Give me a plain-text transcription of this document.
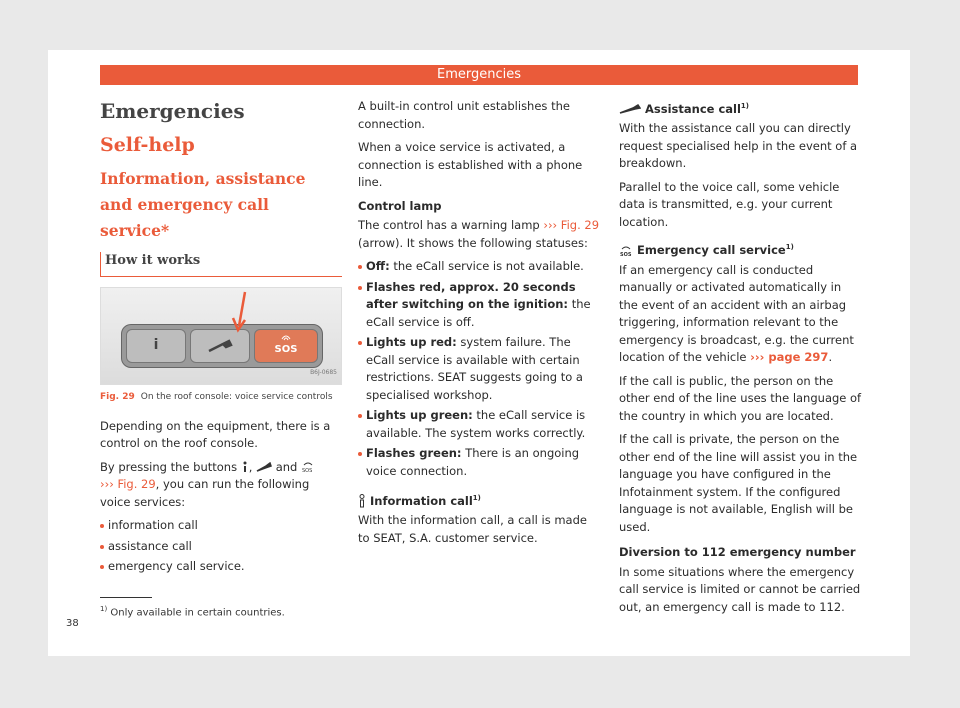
Emergencies
Emergencies
Self-help
Information, assistance and emergency call service*
How it works
i	SOS
B6J-0685
Fig. 29 On the roof console: voice service controls

Depending on the equipment, there is a control on the roof console.

By pressing the buttons ,  and SOS

››› Fig. 29, you can run the following voice services:

information call
assistance call
emergency call service.

A built-in control unit establishes the connection.

When a voice service is activated, a connection is established with a phone line.

Control lamp

The control has a warning lamp ››› Fig. 29 (arrow). It shows the following statuses:

Off: the eCall service is not available.
Flashes red, approx. 20 seconds after switching on the ignition: the eCall service is off.
Lights up red: system failure. The eCall service is available with certain restrictions. SEAT suggests going to a specialised workshop.
Lights up green: the eCall service is available. The system works correctly.
Flashes green: There is an ongoing voice connection.
Information call$^{1)}$

With the information call, a call is made to SEAT, S.A. customer service.

Assistance call$^{1)}$

With the assistance call you can directly request specialised help in the event of a breakdown.

Parallel to the voice call, some vehicle data is transmitted, e.g. your current location.

SOS Emergency call service$^{1)}$

If an emergency call is conducted manually or activated automatically in the event of an accident with an airbag triggering, information relevant to the emergency is broadcast, e.g. the current location of the vehicle ››› page 297.

If the call is public, the person on the other end of the line uses the language of the country in which you are located.

If the call is private, the person on the other end of the line will assist you in the language you have configured in the Infotainment system. If the configured language is not available, English will be used.

Diversion to 112 emergency number

In some situations where the emergency call service is limited or cannot be carried out, an emergency call is made to 112.

$^{1)}$ Only available in certain countries.
38
